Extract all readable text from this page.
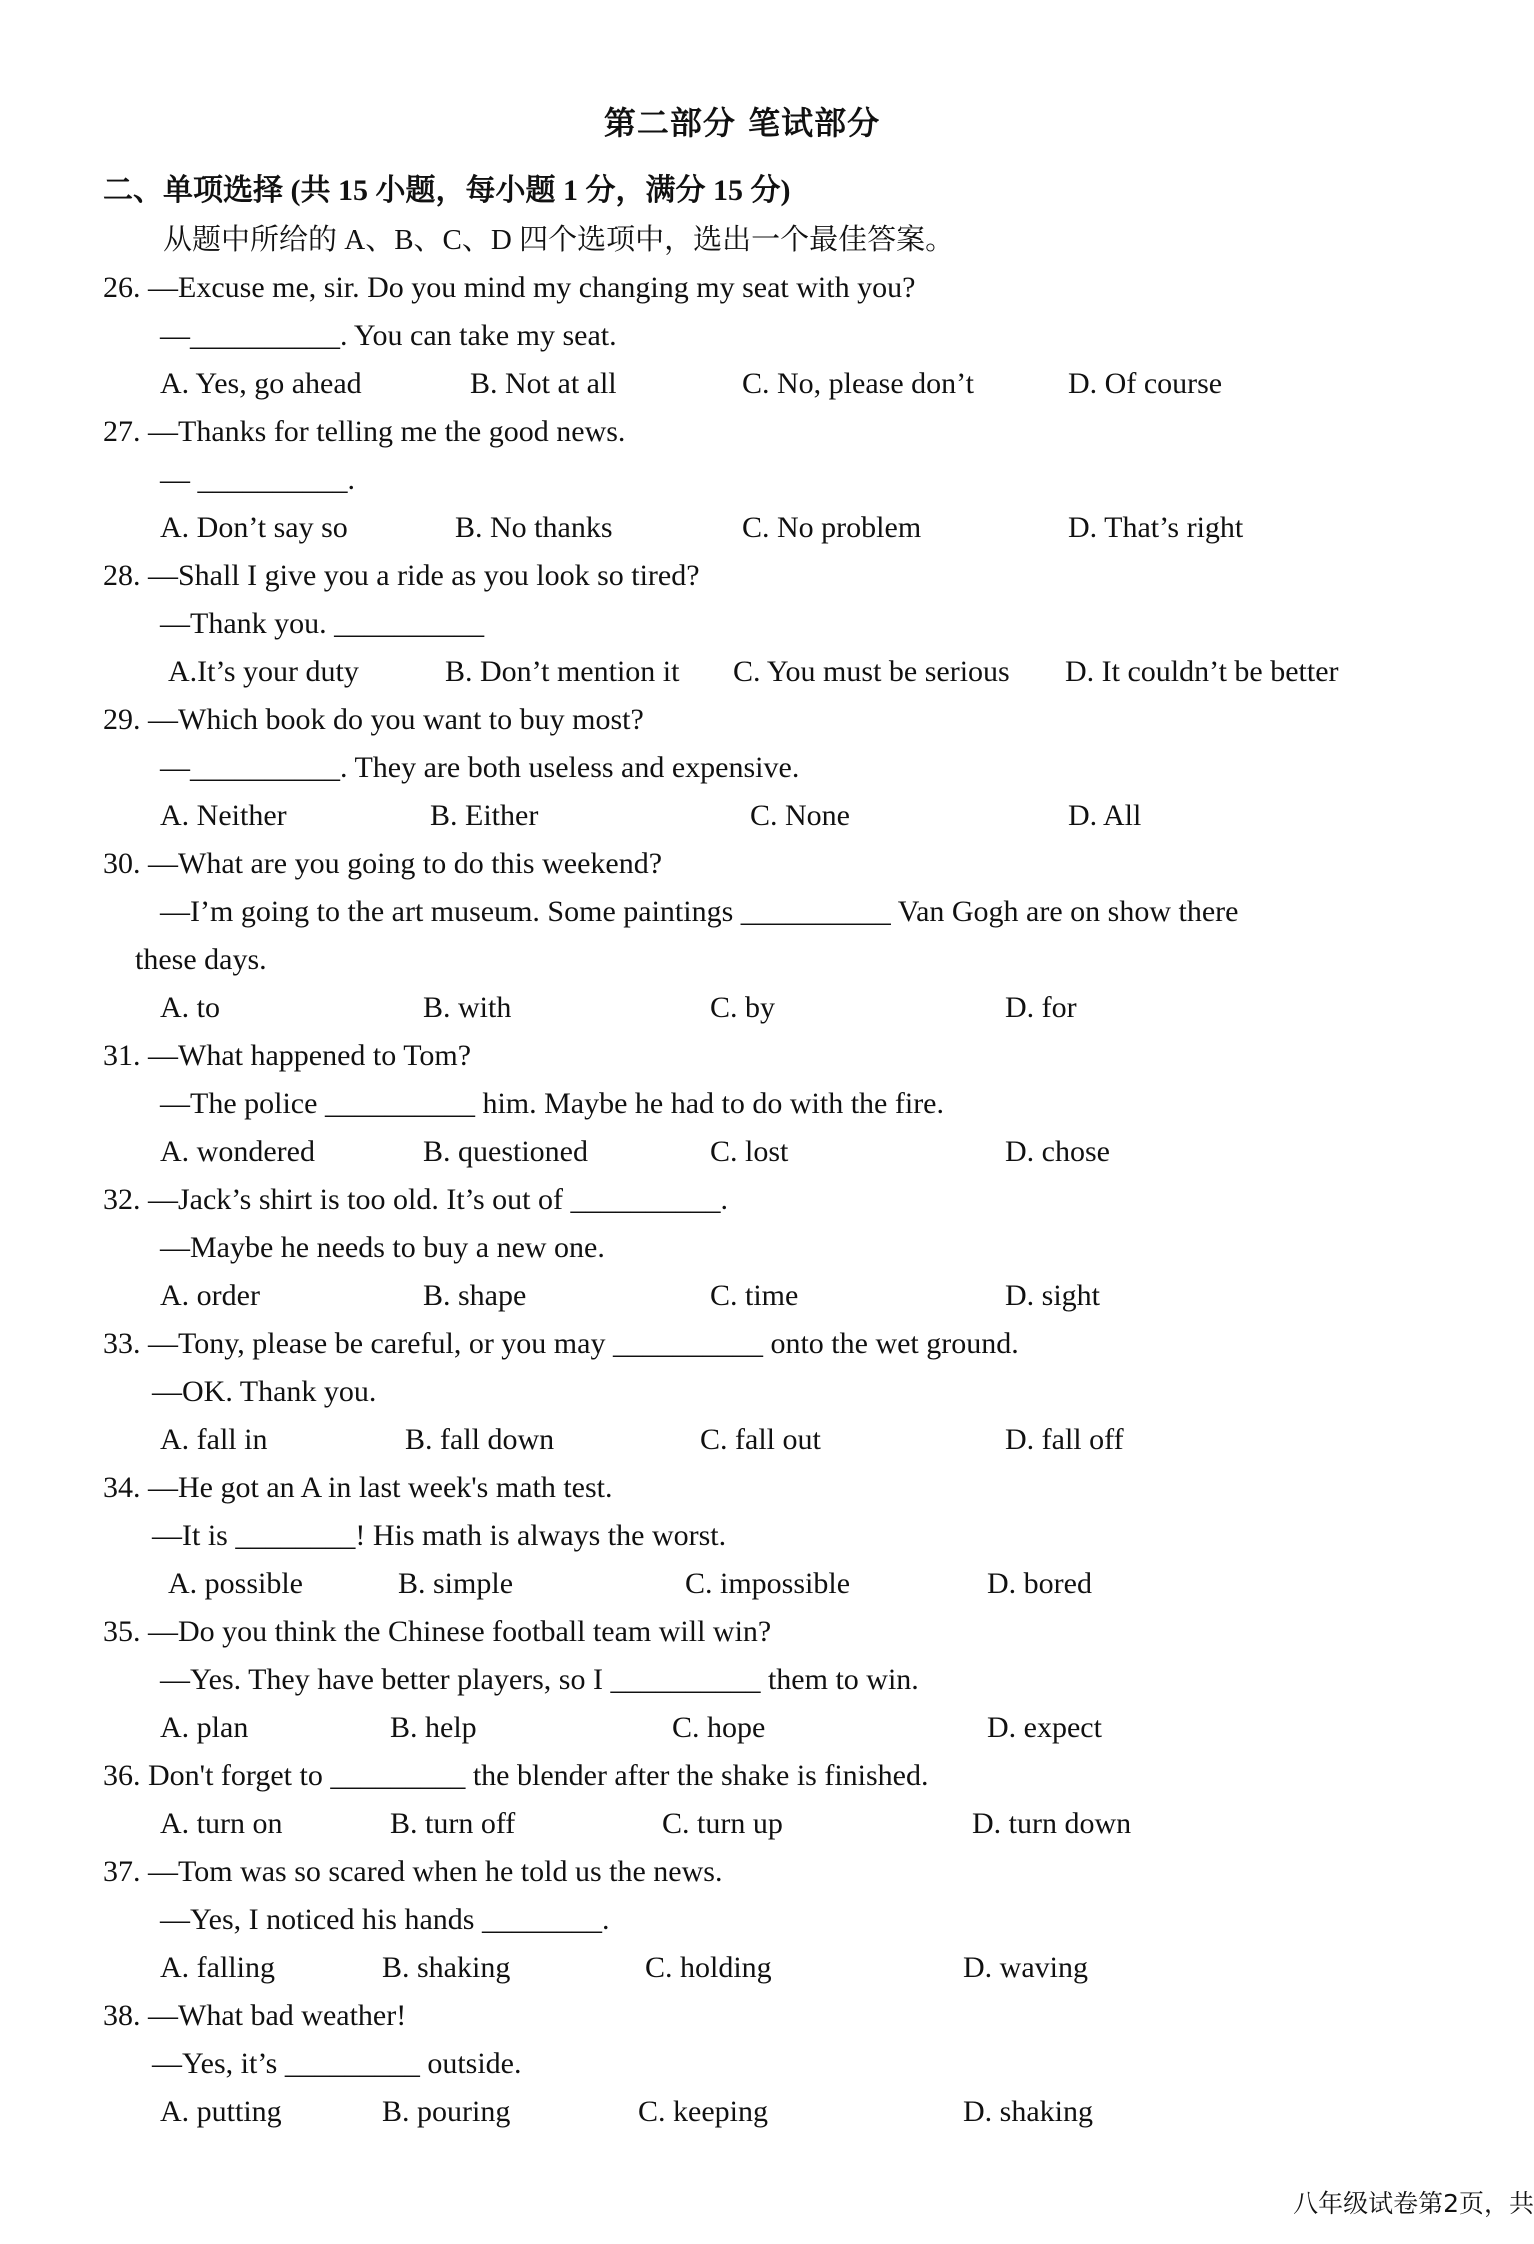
第二部分 笔试部分
二、单项选择 (共 15 小题，每小题 1 分，满分 15 分)
从题中所给的 A、B、C、D 四个选项中，选出一个最佳答案。
26. —Excuse me, sir. Do you mind my changing my seat with you?
—__________. You can take my seat.
A. Yes, go ahead	B. Not at all	C. No, please don’t	D. Of course
27. —Thanks for telling me the good news.
— __________.
A. Don’t say so	B. No thanks	C. No problem	D. That’s right
28. —Shall I give you a ride as you look so tired?
—Thank you. __________
A.It’s your duty	B. Don’t mention it C. You must be serious D. It couldn’t be better
29. —Which book do you want to buy most?
—__________. They are both useless and expensive.
A. Neither	B. Either	C. None	D. All
30. —What are you going to do this weekend?
—I’m going to the art museum. Some paintings __________ Van Gogh are on show there
these days.
A. to	B. with	C. by	D. for
31. —What happened to Tom?
—The police __________ him. Maybe he had to do with the fire.
A. wondered	B. questioned	C. lost	D. chose
32. —Jack’s shirt is too old. It’s out of __________.
—Maybe he needs to buy a new one.
A. order	B. shape	C. time	D. sight
33. —Tony, please be careful, or you may __________ onto the wet ground.
—OK. Thank you.
A. fall in	B. fall down	C. fall out	D. fall off
34. —He got an A in last week's math test.
—It is ________! His math is always the worst.
A. possible	B. simple	C. impossible	D. bored
35. —Do you think the Chinese football team will win?
—Yes. They have better players, so I __________ them to win.
A. plan	B. help	C. hope	D. expect
36. Don't forget to _________ the blender after the shake is finished.
A. turn on	B. turn off	C. turn up	D. turn down
37. —Tom was so scared when he told us the news.
—Yes, I noticed his hands ________.
A. falling	B. shaking	C. holding	D. waving
38. —What bad weather!
—Yes, it’s _________ outside.
A. putting	B. pouring	C. keeping	D. shaking
八年级试卷第2页，共
